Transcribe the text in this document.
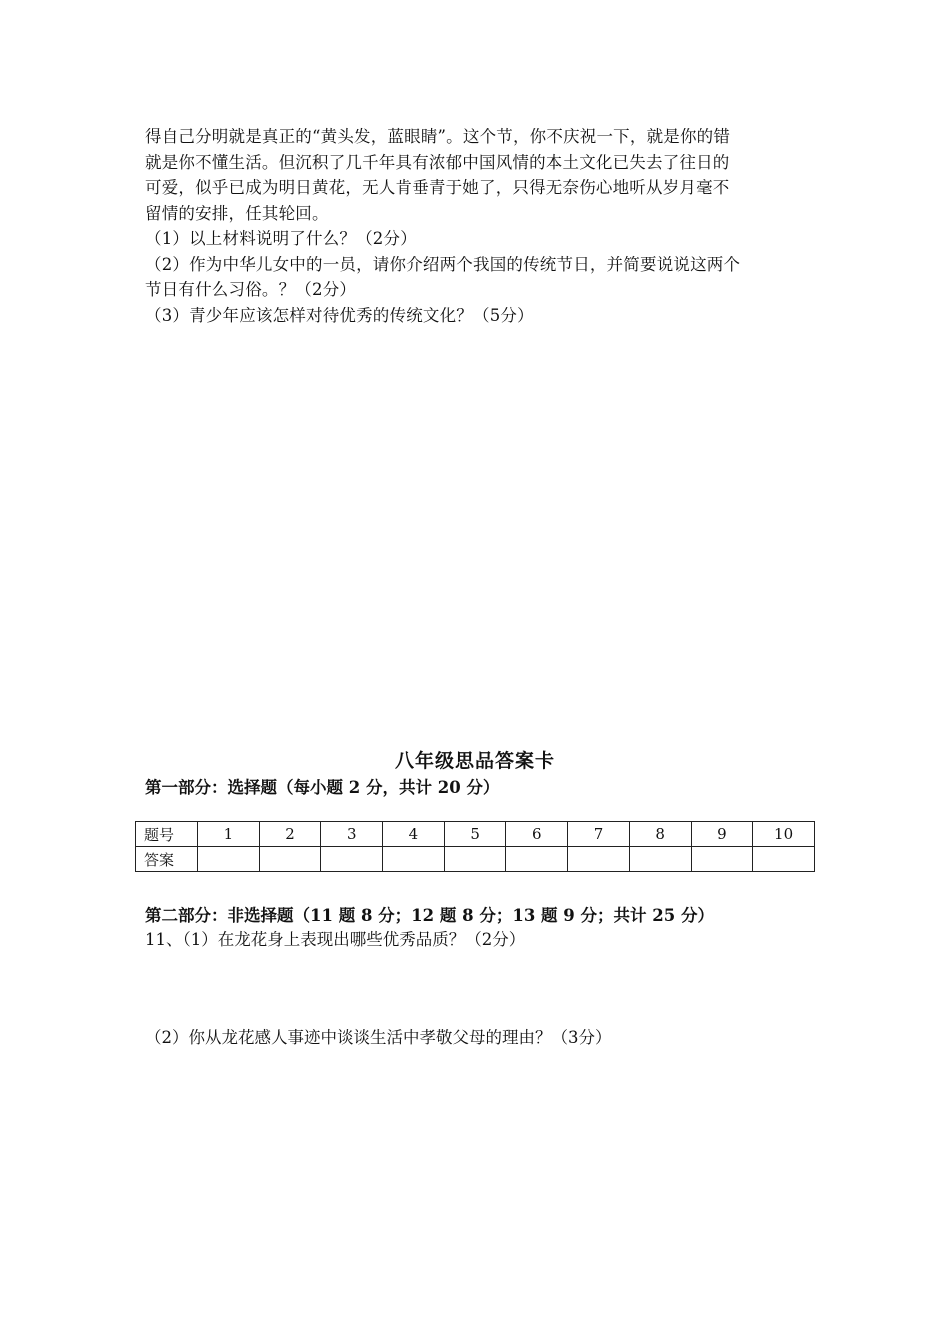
得自己分明就是真正的“黄头发，蓝眼睛”。这个节，你不庆祝一下，就是你的错

就是你不懂生活。但沉积了几千年具有浓郁中国风情的本土文化已失去了往日的

可爱，似乎已成为明日黄花，无人肯垂青于她了，只得无奈伤心地听从岁月毫不

留情的安排，任其轮回。

（1）以上材料说明了什么？（2分）

（2）作为中华儿女中的一员，请你介绍两个我国的传统节日，并简要说说这两个

节日有什么习俗。？（2分）

（3）青少年应该怎样对待优秀的传统文化？（5分）

八年级思品答案卡
第一部分：选择题（每小题 2 分，共计 20 分）
题号	1	2	3	4	5	6	7	8	9	10
答案										
第二部分：非选择题（11 题 8 分；12 题 8 分；13 题 9 分；共计 25 分）
11、（1）在龙花身上表现出哪些优秀品质？（2分）
（2）你从龙花感人事迹中谈谈生活中孝敬父母的理由？（3分）
